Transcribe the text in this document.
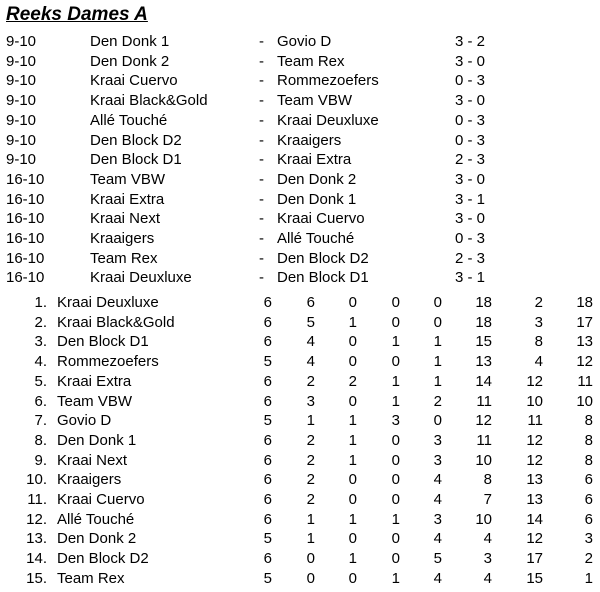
Reeks Dames A
9-10	Den Donk 1	- Govio D	3 - 2
9-10	Den Donk 2	- Team Rex	3 - 0
9-10	Kraai Cuervo	- Rommezoefers	0 - 3
9-10	Kraai Black&Gold	- Team VBW	3 - 0
9-10	Allé Touché	- Kraai Deuxluxe	0 - 3
9-10	Den Block D2	- Kraaigers	0 - 3
9-10	Den Block D1	- Kraai Extra	2 - 3
16-10	Team VBW	- Den Donk 2	3 - 0
16-10	Kraai Extra	- Den Donk 1	3 - 1
16-10	Kraai Next	- Kraai Cuervo	3 - 0
16-10	Kraaigers	- Allé Touché	0 - 3
16-10	Team Rex	- Den Block D2	2 - 3
16-10	Kraai Deuxluxe	- Den Block D1	3 - 1
1. Kraai Deuxluxe	6 6 0 0 0 18	2 18
2. Kraai Black&Gold	6 5 1 0 0 18	3 17
3. Den Block D1	6 4 0 1 1 15	8 13
4. Rommezoefers	5 4 0 0 1 13	4 12
5. Kraai Extra	6 2 2 1 1 14 12 11
6. Team VBW	6 3 0 1 2 11 10 10
7. Govio D	5 1 1 3 0 12 11	8
8. Den Donk 1	6 2 1 0 3 11 12	8
9. Kraai Next	6 2 1 0 3 10 12	8
10. Kraaigers	6 2 0 0 4	8 13	6
11. Kraai Cuervo	6 2 0 0 4	7 13	6
12. Allé Touché	6 1 1 1 3 10 14	6
13. Den Donk 2	5 1 0 0 4	4 12	3
14. Den Block D2	6 0 1 0 5	3 17	2
15. Team Rex	5 0 0 1 4	4 15	1
